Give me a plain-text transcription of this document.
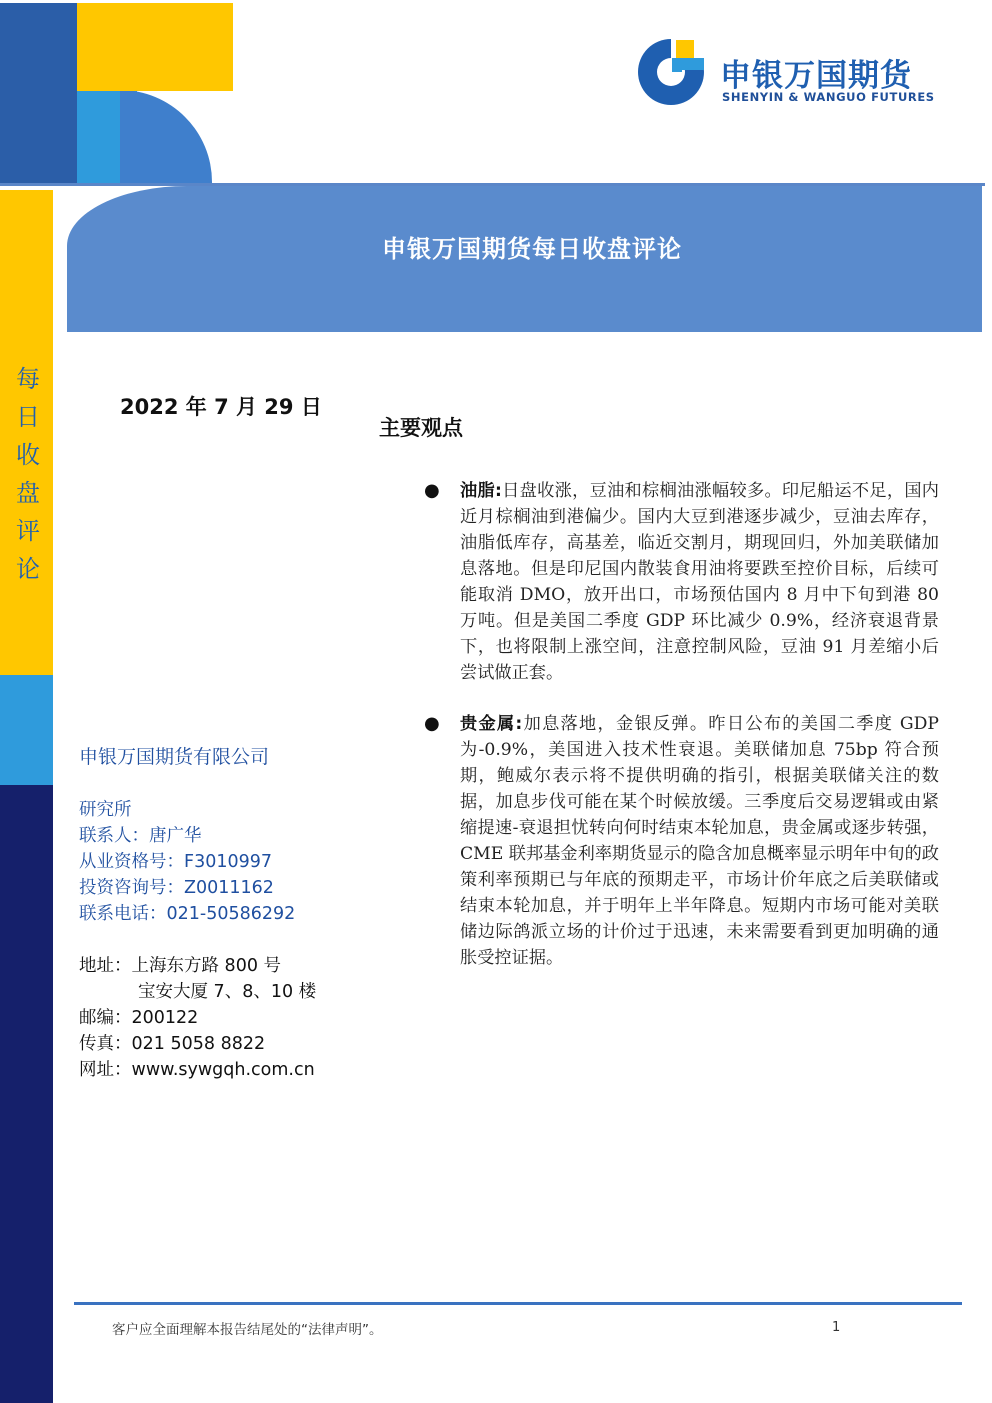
申银万国期货
SHENYIN & WANGUO FUTURES
每
日
收
盘
评
论
申银万国期货每日收盘评论
2022 年 7 月 29 日
主要观点
● 油脂:日盘收涨，豆油和棕榈油涨幅较多。印尼船运不足，国内近月棕榈油到港偏少。国内大豆到港逐步减少，豆油去库存，油脂低库存，高基差，临近交割月，期现回归，外加美联储加息落地。但是印尼国内散装食用油将要跌至控价目标，后续可能取消 DMO，放开出口，市场预估国内 8 月中下旬到港 80 万吨。但是美国二季度 GDP 环比减少 0.9%，经济衰退背景下，也将限制上涨空间，注意控制风险，豆油 91 月差缩小后尝试做正套。
● 贵金属:加息落地，金银反弹。昨日公布的美国二季度 GDP 为-0.9%，美国进入技术性衰退。美联储加息 75bp 符合预期，鲍威尔表示将不提供明确的指引，根据美联储关注的数据，加息步伐可能在某个时候放缓。三季度后交易逻辑或由紧缩提速-衰退担忧转向何时结束本轮加息，贵金属或逐步转强，CME 联邦基金利率期货显示的隐含加息概率显示明年中旬的政策利率预期已与年底的预期走平，市场计价年底之后美联储或结束本轮加息，并于明年上半年降息。短期内市场可能对美联储边际鸽派立场的计价过于迅速，未来需要看到更加明确的通胀受控证据。
申银万国期货有限公司
研究所
联系人：唐广华
从业资格号：F3010997
投资咨询号：Z0011162
联系电话：021-50586292
地址：上海东方路 800 号
宝安大厦 7、8、10 楼
邮编：200122
传真：021 5058 8822
网址：www.sywgqh.com.cn
客户应全面理解本报告结尾处的“法律声明”。	1
